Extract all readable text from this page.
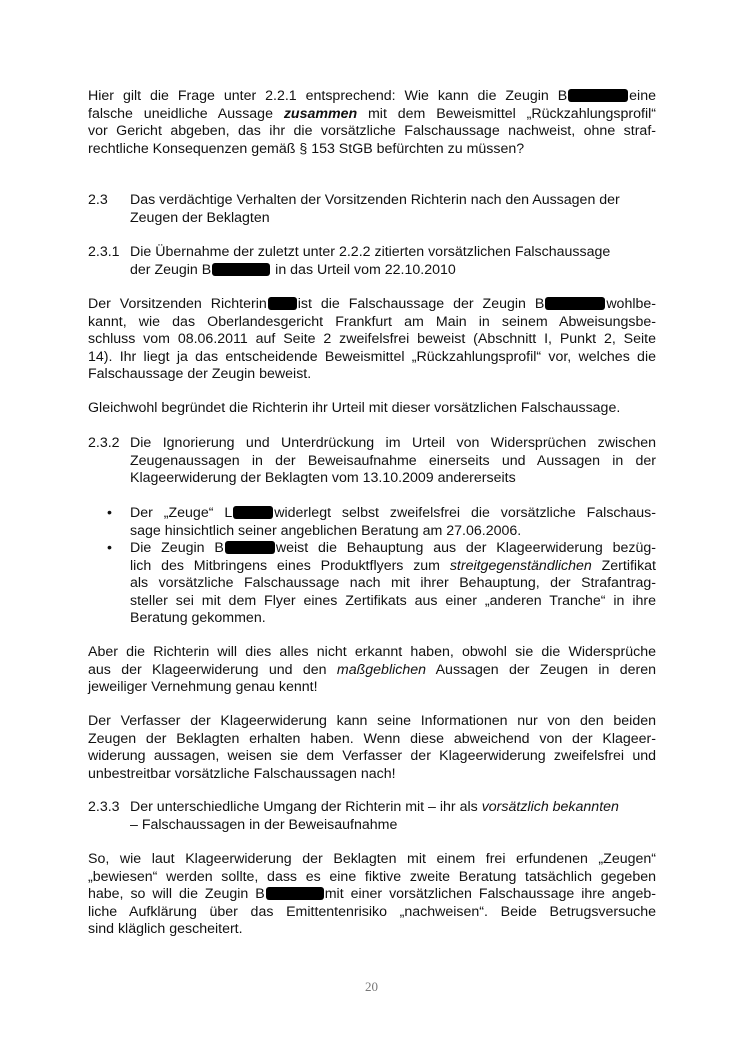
Hier gilt die Frage unter 2.2.1 entsprechend: Wie kann die Zeugin B	eine
falsche uneidliche Aussage zusammen mit dem Beweismittel „Rückzahlungsprofil“
vor Gericht abgeben, das ihr die vorsätzliche Falschaussage nachweist, ohne straf-
rechtliche Konsequenzen gemäß § 153 StGB befürchten zu müssen?

2.3 Das verdächtige Verhalten der Vorsitzenden Richterin nach den Aussagen der
Zeugen der Beklagten

2.3.1 Die Übernahme der zuletzt unter 2.2.2 zitierten vorsätzlichen Falschaussage
der Zeugin B	in das Urteil vom 22.10.2010

Der Vorsitzenden Richterin ist die Falschaussage der Zeugin B	wohlbe-
kannt, wie das Oberlandesgericht Frankfurt am Main in seinem Abweisungsbe-
schluss vom 08.06.2011 auf Seite 2 zweifelsfrei beweist (Abschnitt I, Punkt 2, Seite
14). Ihr liegt ja das entscheidende Beweismittel „Rückzahlungsprofil“ vor, welches die
Falschaussage der Zeugin beweist.

Gleichwohl begründet die Richterin ihr Urteil mit dieser vorsätzlichen Falschaussage.

2.3.2 Die Ignorierung und Unterdrückung im Urteil von Widersprüchen zwischen
Zeugenaussagen in der Beweisaufnahme einerseits und Aussagen in der
Klageerwiderung der Beklagten vom 13.10.2009 andererseits

• Der „Zeuge“ L	widerlegt selbst zweifelsfrei die vorsätzliche Falschaus-
sage hinsichtlich seiner angeblichen Beratung am 27.06.2006.

• Die Zeugin B	weist die Behauptung aus der Klageerwiderung bezüg-
lich des Mitbringens eines Produktflyers zum streitgegenständlichen Zertifikat
als vorsätzliche Falschaussage nach mit ihrer Behauptung, der Strafantrag-
steller sei mit dem Flyer eines Zertifikats aus einer „anderen Tranche“ in ihre
Beratung gekommen.

Aber die Richterin will dies alles nicht erkannt haben, obwohl sie die Widersprüche
aus der Klageerwiderung und den maßgeblichen Aussagen der Zeugen in deren
jeweiliger Vernehmung genau kennt!

Der Verfasser der Klageerwiderung kann seine Informationen nur von den beiden
Zeugen der Beklagten erhalten haben. Wenn diese abweichend von der Klageer-
widerung aussagen, weisen sie dem Verfasser der Klageerwiderung zweifelsfrei und
unbestreitbar vorsätzliche Falschaussagen nach!

2.3.3 Der unterschiedliche Umgang der Richterin mit – ihr als vorsätzlich bekannten
– Falschaussagen in der Beweisaufnahme

So, wie laut Klageerwiderung der Beklagten mit einem frei erfundenen „Zeugen“
„bewiesen“ werden sollte, dass es eine fiktive zweite Beratung tatsächlich gegeben
habe, so will die Zeugin B	mit einer vorsätzlichen Falschaussage ihre angeb-
liche Aufklärung über das Emittentenrisiko „nachweisen“. Beide Betrugsversuche
sind kläglich gescheitert.

20
